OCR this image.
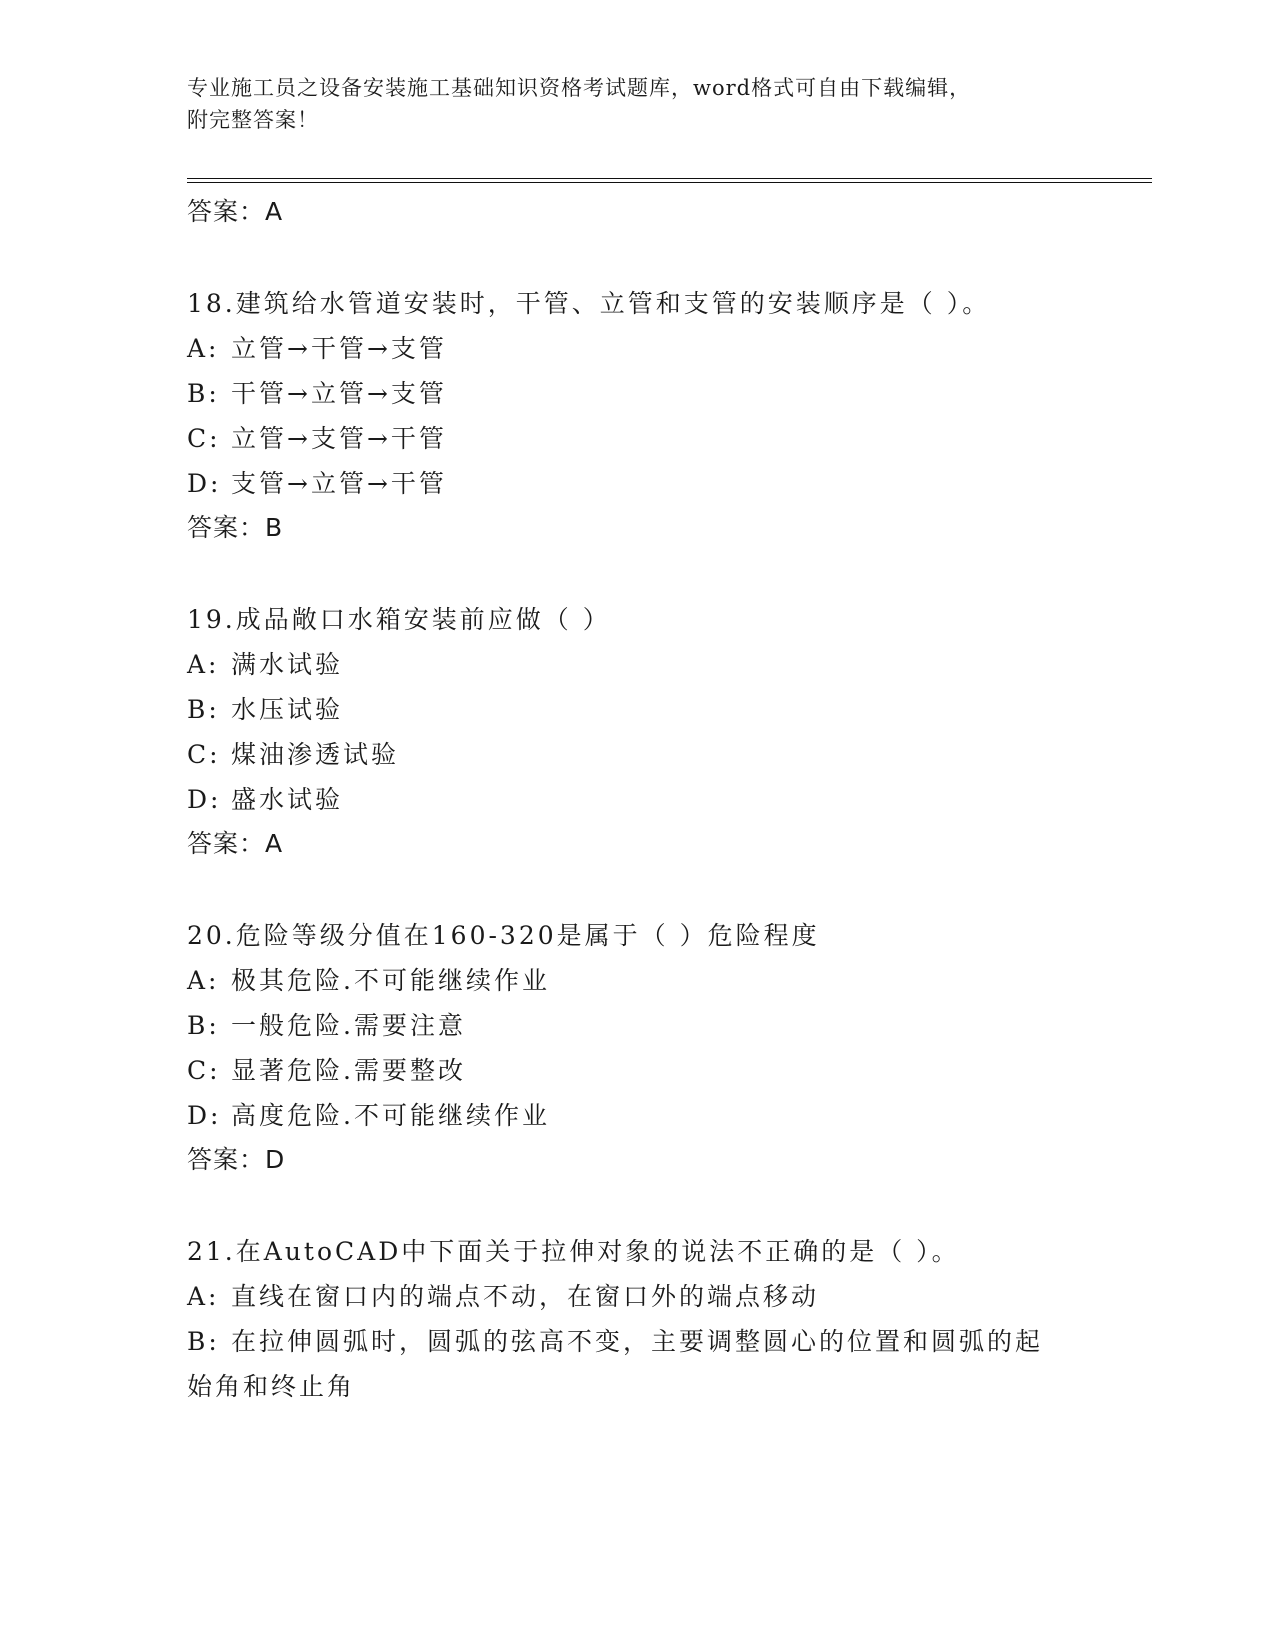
专业施工员之设备安装施工基础知识资格考试题库，word格式可自由下载编辑，
附完整答案！
答案：A
18.建筑给水管道安装时，干管、立管和支管的安装顺序是（ ）。
A: 立管→干管→支管
B: 干管→立管→支管
C: 立管→支管→干管
D: 支管→立管→干管
答案：B
19.成品敞口水箱安装前应做（ ）
A: 满水试验
B: 水压试验
C: 煤油渗透试验
D: 盛水试验
答案：A
20.危险等级分值在160-320是属于（ ）危险程度
A: 极其危险.不可能继续作业
B: 一般危险.需要注意
C: 显著危险.需要整改
D: 高度危险.不可能继续作业
答案：D
21.在AutoCAD中下面关于拉伸对象的说法不正确的是（ ）。
A: 直线在窗口内的端点不动，在窗口外的端点移动
B: 在拉伸圆弧时，圆弧的弦高不变，主要调整圆心的位置和圆弧的起
始角和终止角
